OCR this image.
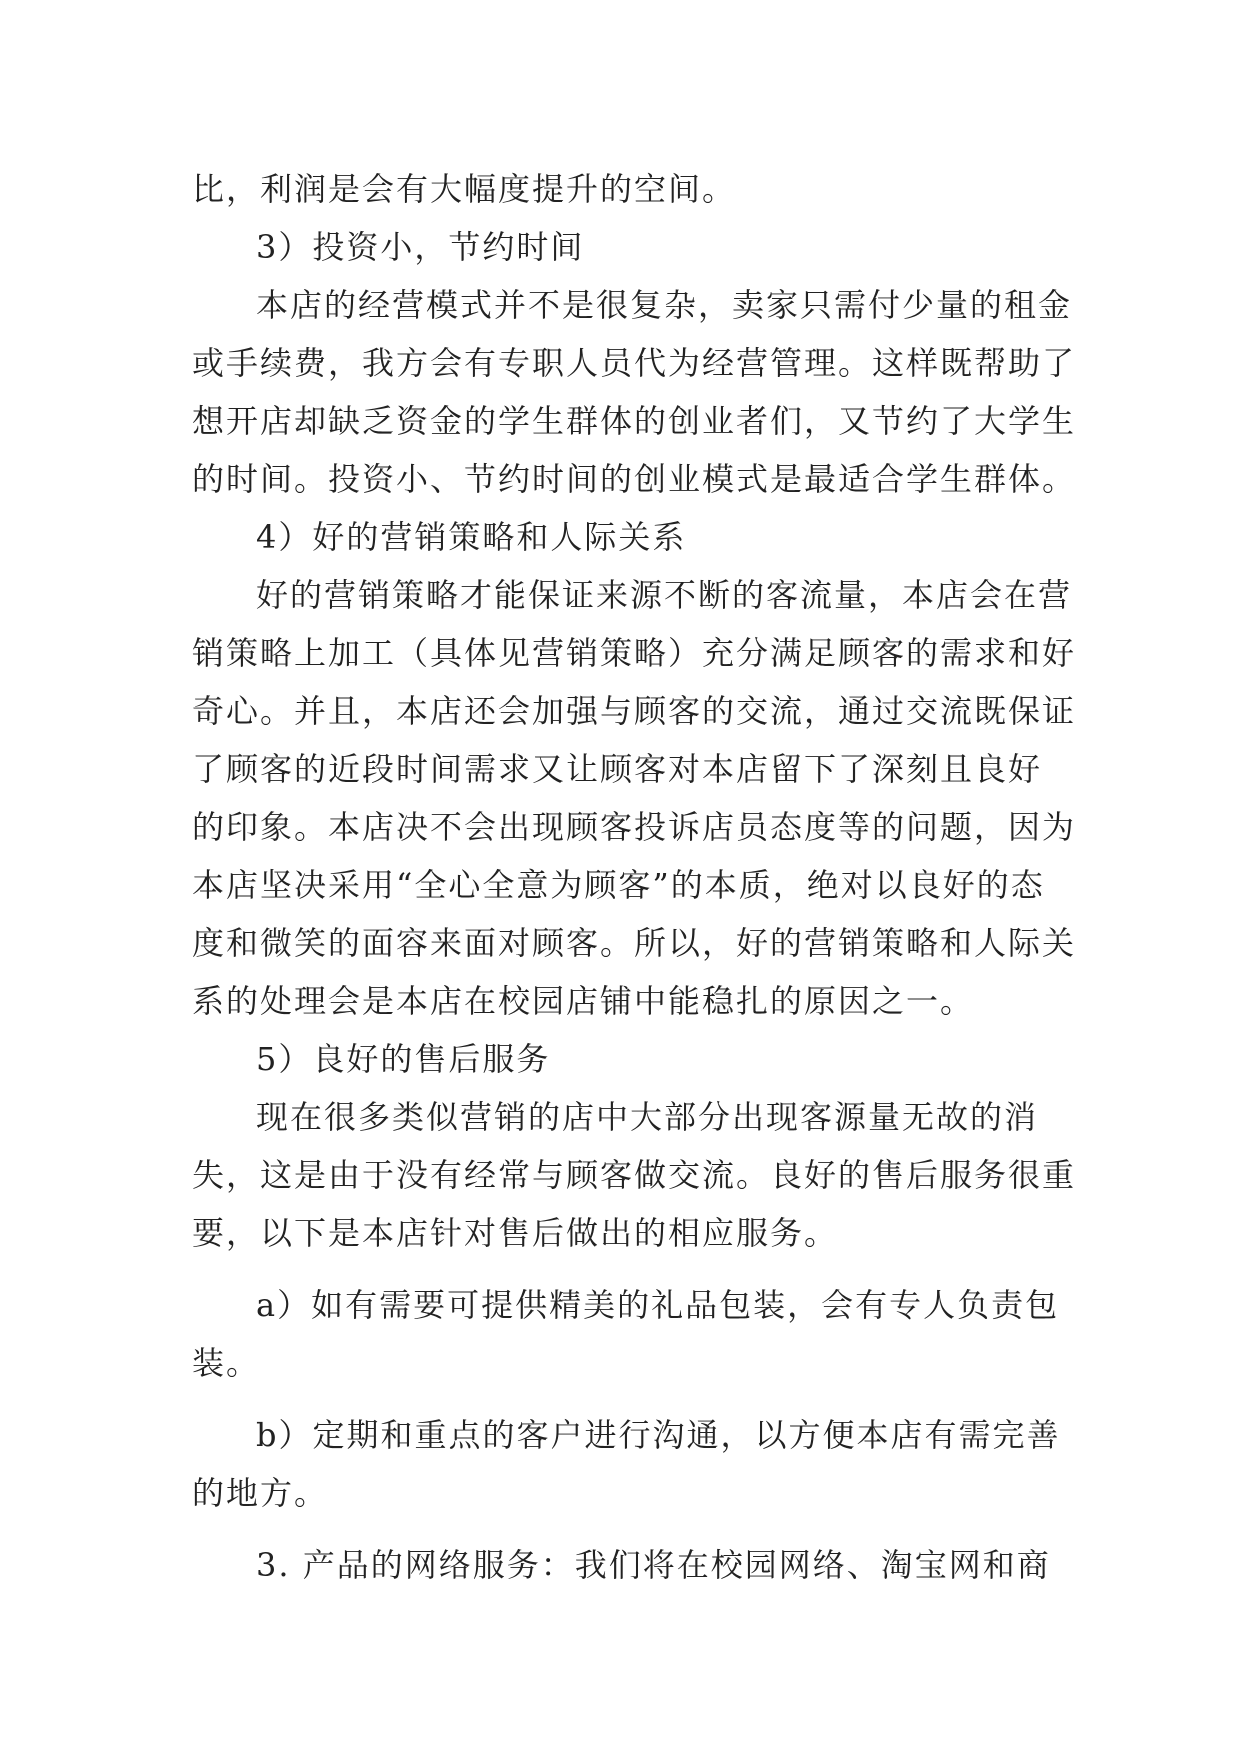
比，利润是会有大幅度提升的空间。
3）投资小，节约时间
本店的经营模式并不是很复杂，卖家只需付少量的租金
或手续费，我方会有专职人员代为经营管理。这样既帮助了
想开店却缺乏资金的学生群体的创业者们，又节约了大学生
的时间。投资小、节约时间的创业模式是最适合学生群体。
4）好的营销策略和人际关系
好的营销策略才能保证来源不断的客流量，本店会在营
销策略上加工（具体见营销策略）充分满足顾客的需求和好
奇心。并且，本店还会加强与顾客的交流，通过交流既保证
了顾客的近段时间需求又让顾客对本店留下了深刻且良好
的印象。本店决不会出现顾客投诉店员态度等的问题，因为
本店坚决采用“全心全意为顾客”的本质，绝对以良好的态
度和微笑的面容来面对顾客。所以，好的营销策略和人际关
系的处理会是本店在校园店铺中能稳扎的原因之一。
5）良好的售后服务
现在很多类似营销的店中大部分出现客源量无故的消
失，这是由于没有经常与顾客做交流。良好的售后服务很重
要，以下是本店针对售后做出的相应服务。
a）如有需要可提供精美的礼品包装，会有专人负责包
装。
b）定期和重点的客户进行沟通，以方便本店有需完善
的地方。
3. 产品的网络服务：我们将在校园网络、淘宝网和商
